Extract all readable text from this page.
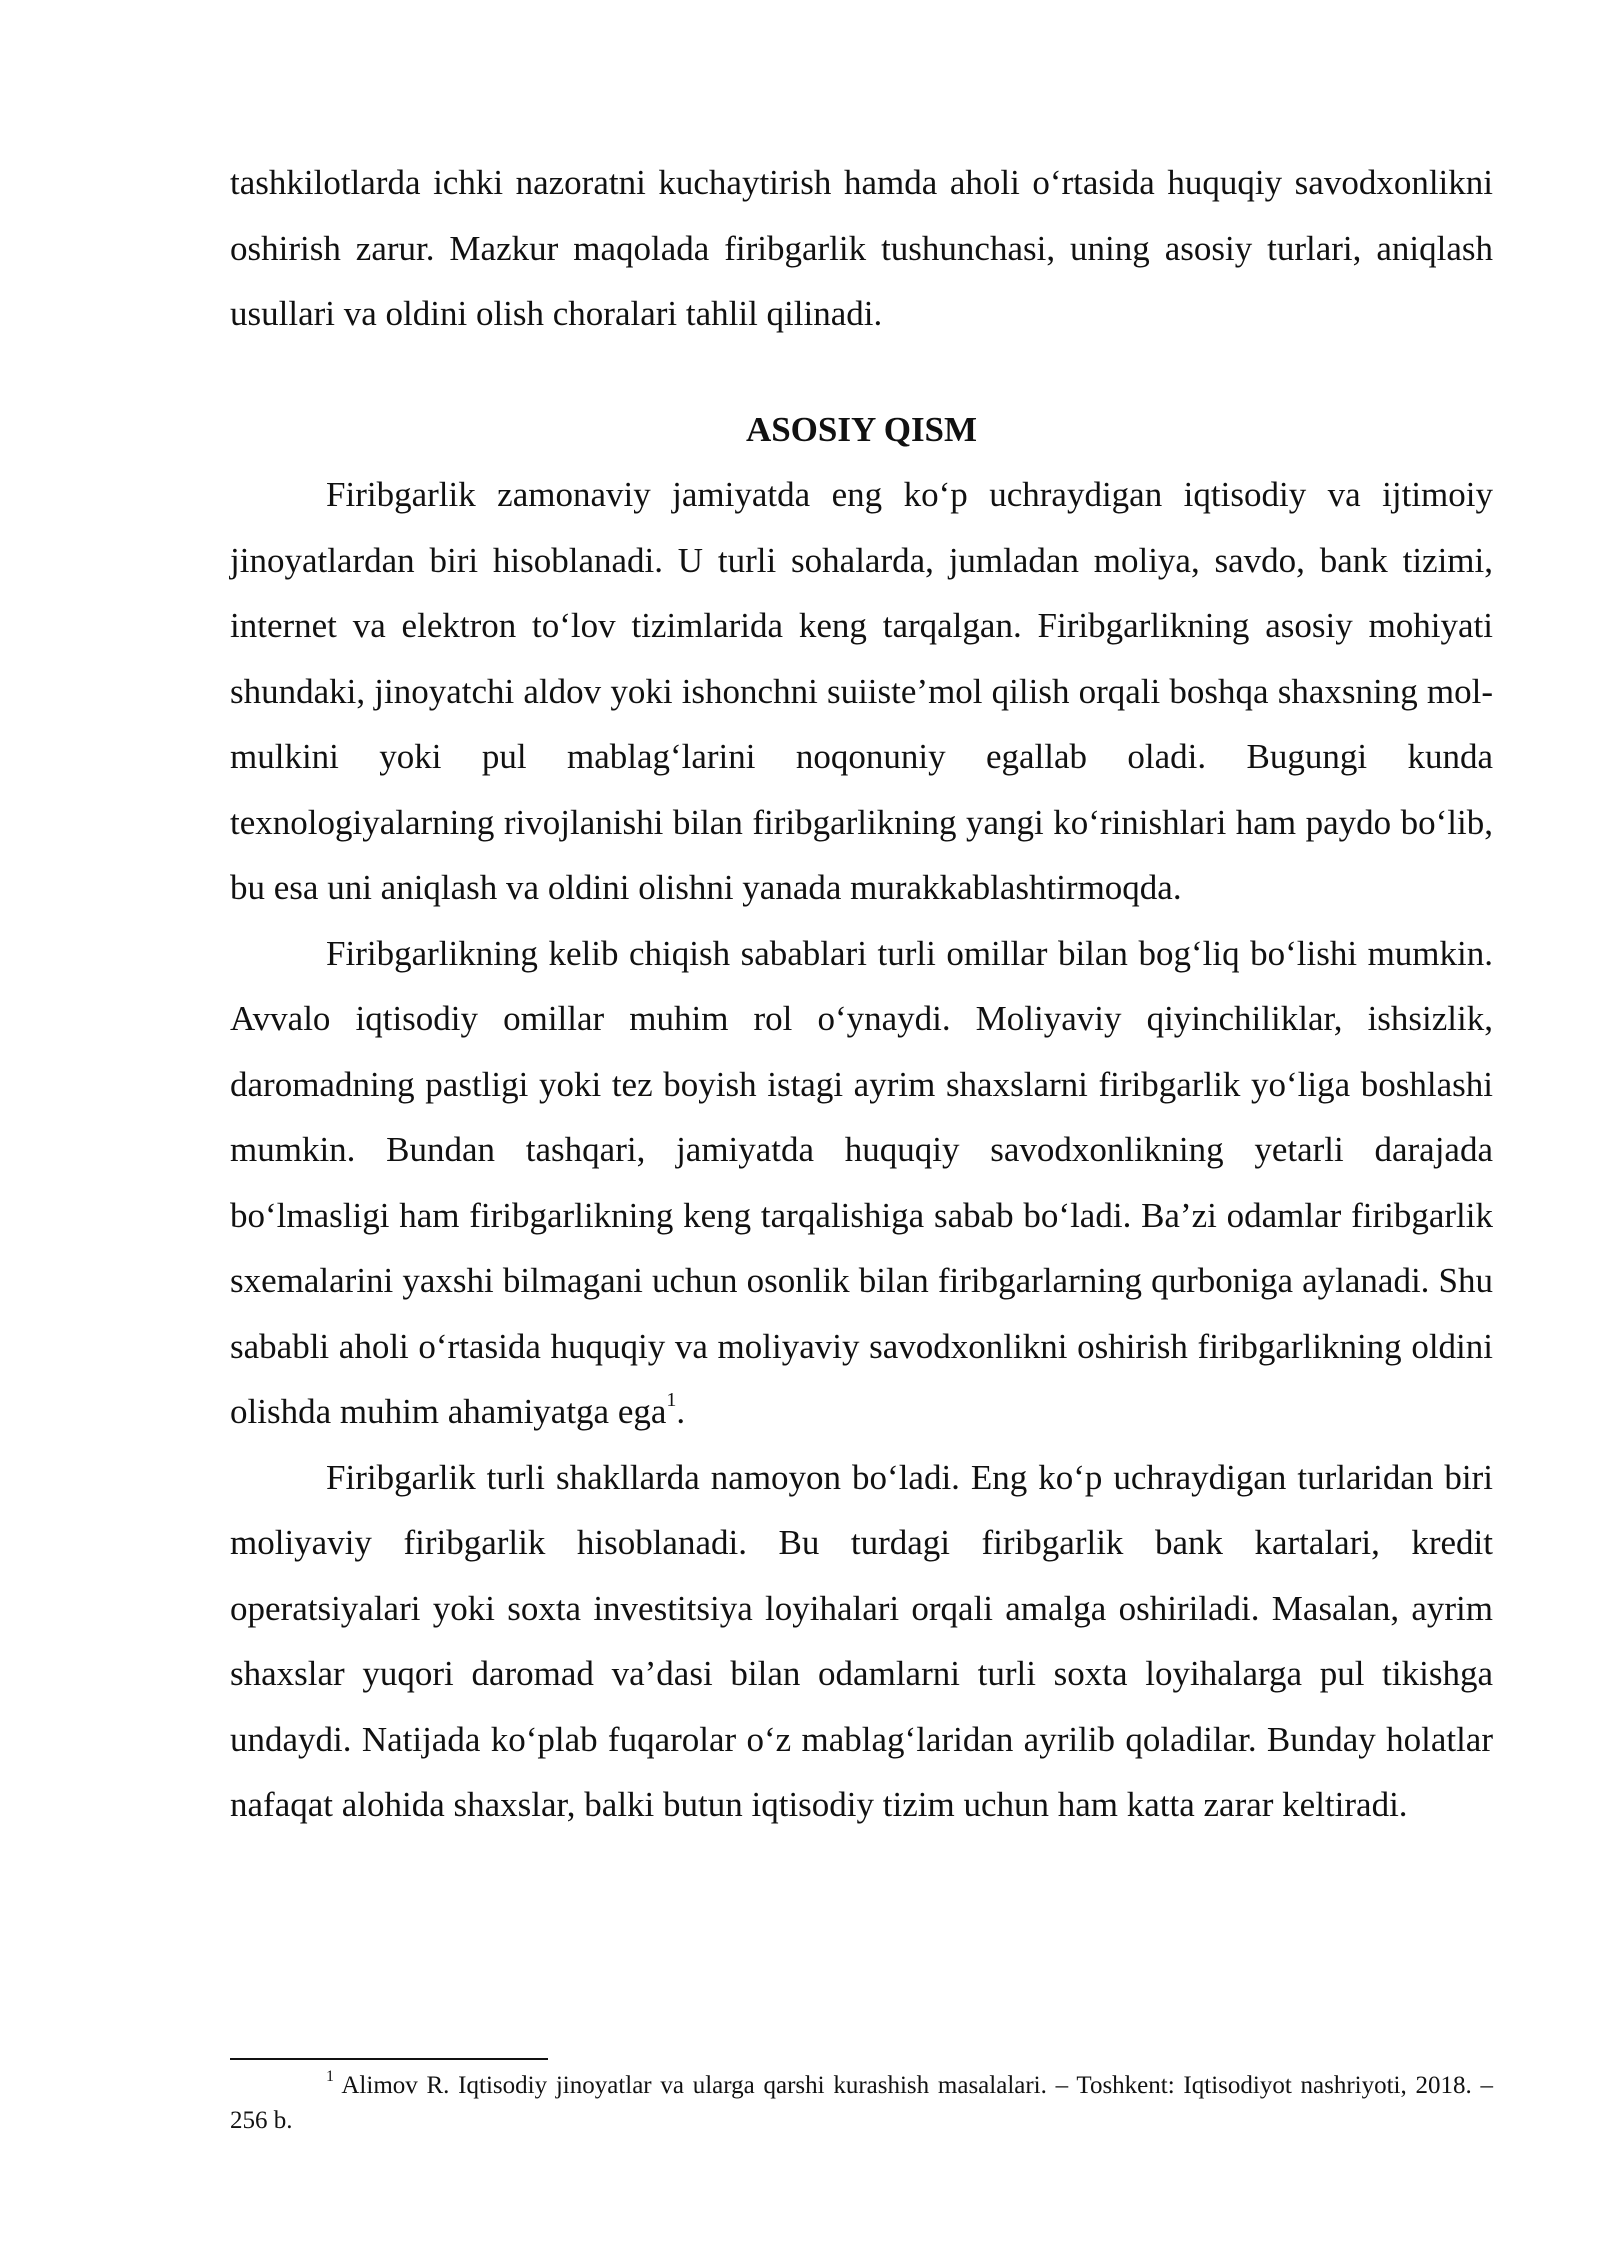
tashkilotlarda ichki nazoratni kuchaytirish hamda aholi o‘rtasida huquqiy savodxonlikni oshirish zarur. Mazkur maqolada firibgarlik tushunchasi, uning asosiy turlari, aniqlash usullari va oldini olish choralari tahlil qilinadi.

ASOSIY QISM

Firibgarlik zamonaviy jamiyatda eng ko‘p uchraydigan iqtisodiy va ijtimoiy jinoyatlardan biri hisoblanadi. U turli sohalarda, jumladan moliya, savdo, bank tizimi, internet va elektron to‘lov tizimlarida keng tarqalgan. Firibgarlikning asosiy mohiyati shundaki, jinoyatchi aldov yoki ishonchni suiiste’mol qilish orqali boshqa shaxsning mol-mulkini yoki pul mablag‘larini noqonuniy egallab oladi. Bugungi kunda texnologiyalarning rivojlanishi bilan firibgarlikning yangi ko‘rinishlari ham paydo bo‘lib, bu esa uni aniqlash va oldini olishni yanada murakkablashtirmoqda.

Firibgarlikning kelib chiqish sabablari turli omillar bilan bog‘liq bo‘lishi mumkin. Avvalo iqtisodiy omillar muhim rol o‘ynaydi. Moliyaviy qiyinchiliklar, ishsizlik, daromadning pastligi yoki tez boyish istagi ayrim shaxslarni firibgarlik yo‘liga boshlashi mumkin. Bundan tashqari, jamiyatda huquqiy savodxonlikning yetarli darajada bo‘lmasligi ham firibgarlikning keng tarqalishiga sabab bo‘ladi. Ba’zi odamlar firibgarlik sxemalarini yaxshi bilmagani uchun osonlik bilan firibgarlarning qurboniga aylanadi. Shu sababli aholi o‘rtasida huquqiy va moliyaviy savodxonlikni oshirish firibgarlikning oldini olishda muhim ahamiyatga ega$^1$.

Firibgarlik turli shakllarda namoyon bo‘ladi. Eng ko‘p uchraydigan turlaridan biri moliyaviy firibgarlik hisoblanadi. Bu turdagi firibgarlik bank kartalari, kredit operatsiyalari yoki soxta investitsiya loyihalari orqali amalga oshiriladi. Masalan, ayrim shaxslar yuqori daromad va’dasi bilan odamlarni turli soxta loyihalarga pul tikishga undaydi. Natijada ko‘plab fuqarolar o‘z mablag‘laridan ayrilib qoladilar. Bunday holatlar nafaqat alohida shaxslar, balki butun iqtisodiy tizim uchun ham katta zarar keltiradi.

$^1$ Alimov R. Iqtisodiy jinoyatlar va ularga qarshi kurashish masalalari. – Toshkent: Iqtisodiyot nashriyoti, 2018. – 256 b.
